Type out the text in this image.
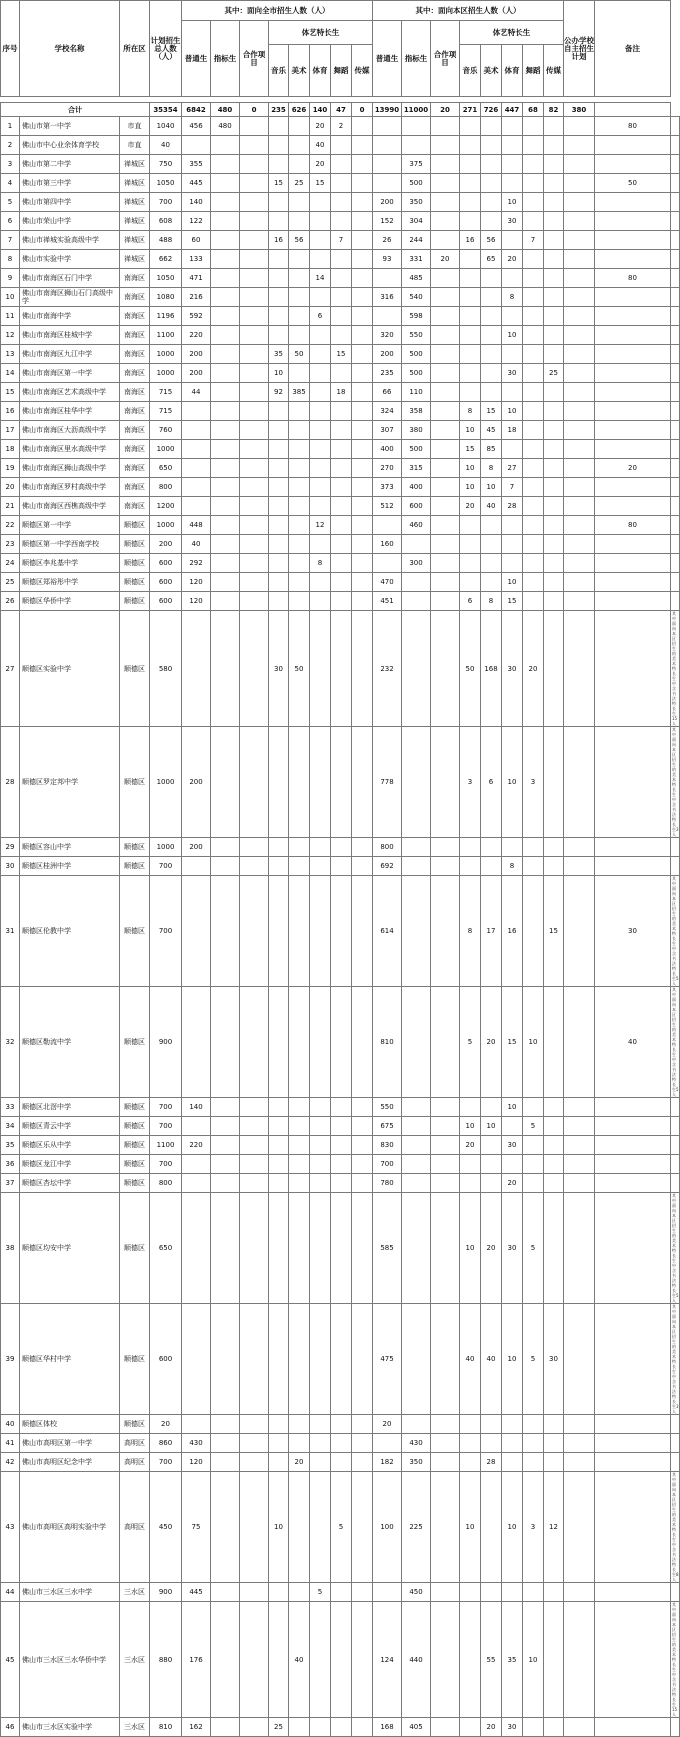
序号	学校名称	所在区	计划招生总人数（人）	其中：面向全市招生人数（人）								其中：面向本区招生人数（人）								公办学校自主招生计划	备注	
				普通生	指标生	合作项目	体艺特长生					普通生	指标生	合作项目	体艺特长生							
							音乐	美术	体育	舞蹈	传媒				音乐	美术	体育	舞蹈	传媒			

合计			35354	6842	480	0	235	626	140	47	0	13990	11000	20	271	726	447	68	82	380		
1	佛山市第一中学	市直	1040	456	480				20	2											80	
2	佛山市中心业余体育学校	市直	40						40													
3	佛山市第二中学	禅城区	750	355					20				375									
4	佛山市第三中学	禅城区	1050	445			15	25	15				500								50	
5	佛山市第四中学	禅城区	700	140								200	350				10					
6	佛山市荣山中学	禅城区	608	122								152	304				30					
7	佛山市禅城实验高级中学	禅城区	488	60			16	56		7		26	244		16	56		7				
8	佛山市实验中学	禅城区	662	133								93	331	20		65	20					
9	佛山市南海区石门中学	南海区	1050	471					14				485								80	
10	佛山市南海区狮山石门高级中学	南海区	1080	216								316	540				8					
11	佛山市南海中学	南海区	1196	592					6				598									
12	佛山市南海区桂城中学	南海区	1100	220								320	550				10					
13	佛山市南海区九江中学	南海区	1000	200			35	50		15		200	500									
14	佛山市南海区第一中学	南海区	1000	200			10					235	500				30		25			
15	佛山市南海区艺术高级中学	南海区	715	44			92	385		18		66	110									
16	佛山市南海区桂华中学	南海区	715									324	358		8	15	10					
17	佛山市南海区大沥高级中学	南海区	760									307	380		10	45	18					
18	佛山市南海区里水高级中学	南海区	1000									400	500		15	85						
19	佛山市南海区狮山高级中学	南海区	650									270	315		10	8	27				20	
20	佛山市南海区罗村高级中学	南海区	800									373	400		10	10	7					
21	佛山市南海区西樵高级中学	南海区	1200									512	600		20	40	28					
22	顺德区第一中学	顺德区	1000	448					12				460								80	
23	顺德区第一中学西南学校	顺德区	200	40								160										
24	顺德区李兆基中学	顺德区	600	292					8				300									
25	顺德区郑裕彤中学	顺德区	600	120								470					10					
26	顺德区华侨中学	顺德区	600	120								451			6	8	15					
27	顺德区实验中学	顺德区	580				30	50				232			50	168	30	20				其中面向本区招生的美术特长生中含书法特长生15人
28	顺德区罗定邦中学	顺德区	1000	200								778			3	6	10	3				其中面向本区招生的美术特长生中含书法特长生3人
29	顺德区容山中学	顺德区	1000	200								800										
30	顺德区桂洲中学	顺德区	700									692					8					
31	顺德区伦教中学	顺德区	700									614			8	17	16		15		30	其中面向本区招生的美术特长生中含书法特长生5人
32	顺德区勒流中学	顺德区	900									810			5	20	15	10			40	其中面向本区招生的美术特长生中含书法特长生5人
33	顺德区北滘中学	顺德区	700	140								550					10					
34	顺德区青云中学	顺德区	700									675			10	10		5				
35	顺德区乐从中学	顺德区	1100	220								830			20		30					
36	顺德区龙江中学	顺德区	700									700										
37	顺德区杏坛中学	顺德区	800									780					20					
38	顺德区均安中学	顺德区	650									585			10	20	30	5				其中面向本区招生的美术特长生中含书法特长生5人
39	顺德区华村中学	顺德区	600									475			40	40	10	5	30			其中面向本区招生的美术特长生中含书法特长生3人
40	顺德区体校	顺德区	20									20										
41	佛山市高明区第一中学	高明区	860	430									430									
42	佛山市高明区纪念中学	高明区	700	120				20				182	350			28						
43	佛山市高明区高明实验中学	高明区	450	75			10			5		100	225		10		10	3	12			其中面向本区招生的美术特长生中含书法特长生8人
44	佛山市三水区三水中学	三水区	900	445					5				450									
45	佛山市三水区三水华侨中学	三水区	880	176				40				124	440			55	35	10				其中面向本区招生的美术特长生中含书法特长生15人
46	佛山市三水区实验中学	三水区	810	162			25					168	405			20	30					
